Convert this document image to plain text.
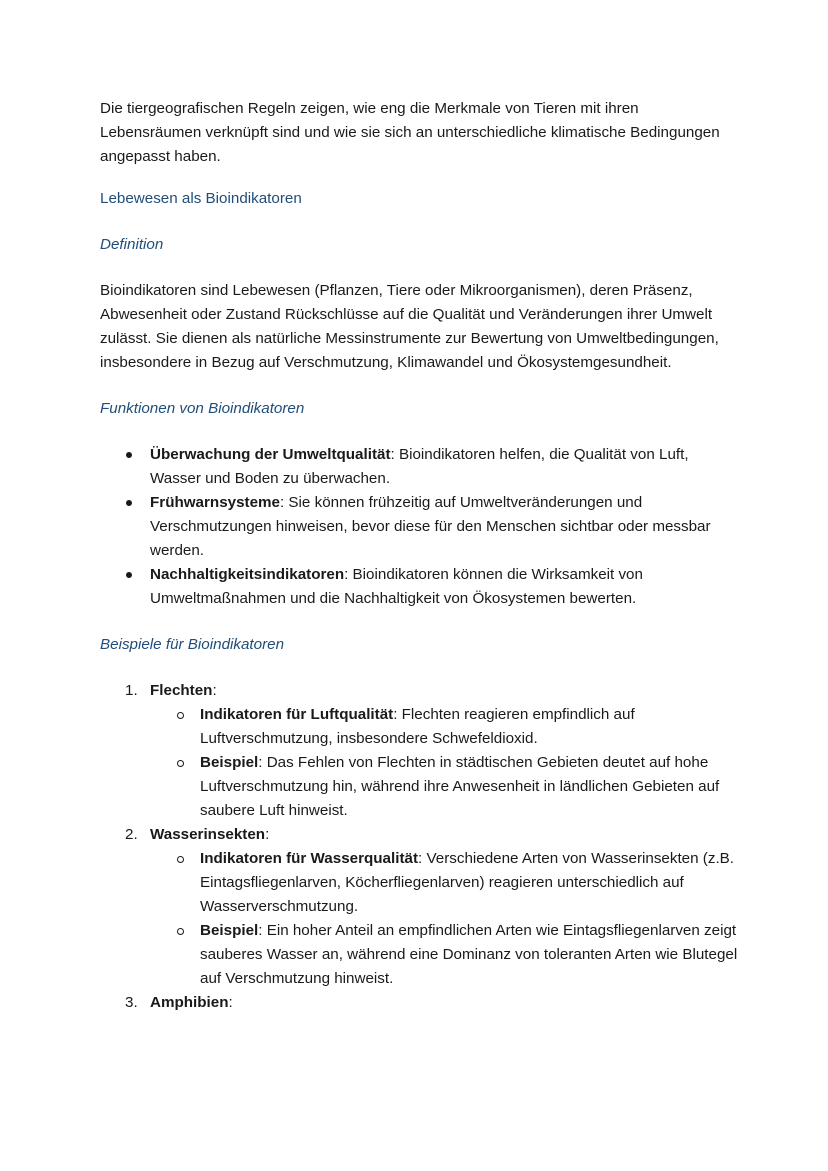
Die tiergeografischen Regeln zeigen, wie eng die Merkmale von Tieren mit ihren Lebensräumen verknüpft sind und wie sie sich an unterschiedliche klimatische Bedingungen angepasst haben.

Lebewesen als Bioindikatoren
Definition

Bioindikatoren sind Lebewesen (Pflanzen, Tiere oder Mikroorganismen), deren Präsenz, Abwesenheit oder Zustand Rückschlüsse auf die Qualität und Veränderungen ihrer Umwelt zulässt. Sie dienen als natürliche Messinstrumente zur Bewertung von Umweltbedingungen, insbesondere in Bezug auf Verschmutzung, Klimawandel und Ökosystemgesundheit.

Funktionen von Bioindikatoren
Überwachung der Umweltqualität: Bioindikatoren helfen, die Qualität von Luft, Wasser und Boden zu überwachen.
Frühwarnsysteme: Sie können frühzeitig auf Umweltveränderungen und Verschmutzungen hinweisen, bevor diese für den Menschen sichtbar oder messbar werden.
Nachhaltigkeitsindikatoren: Bioindikatoren können die Wirksamkeit von Umweltmaßnahmen und die Nachhaltigkeit von Ökosystemen bewerten.
Beispiele für Bioindikatoren
1. Flechten:
Indikatoren für Luftqualität: Flechten reagieren empfindlich auf Luftverschmutzung, insbesondere Schwefeldioxid.
Beispiel: Das Fehlen von Flechten in städtischen Gebieten deutet auf hohe Luftverschmutzung hin, während ihre Anwesenheit in ländlichen Gebieten auf saubere Luft hinweist.
2. Wasserinsekten:
Indikatoren für Wasserqualität: Verschiedene Arten von Wasserinsekten (z.B. Eintagsfliegenlarven, Köcherfliegenlarven) reagieren unterschiedlich auf Wasserverschmutzung.
Beispiel: Ein hoher Anteil an empfindlichen Arten wie Eintagsfliegenlarven zeigt sauberes Wasser an, während eine Dominanz von toleranten Arten wie Blutegel auf Verschmutzung hinweist.
3. Amphibien:
